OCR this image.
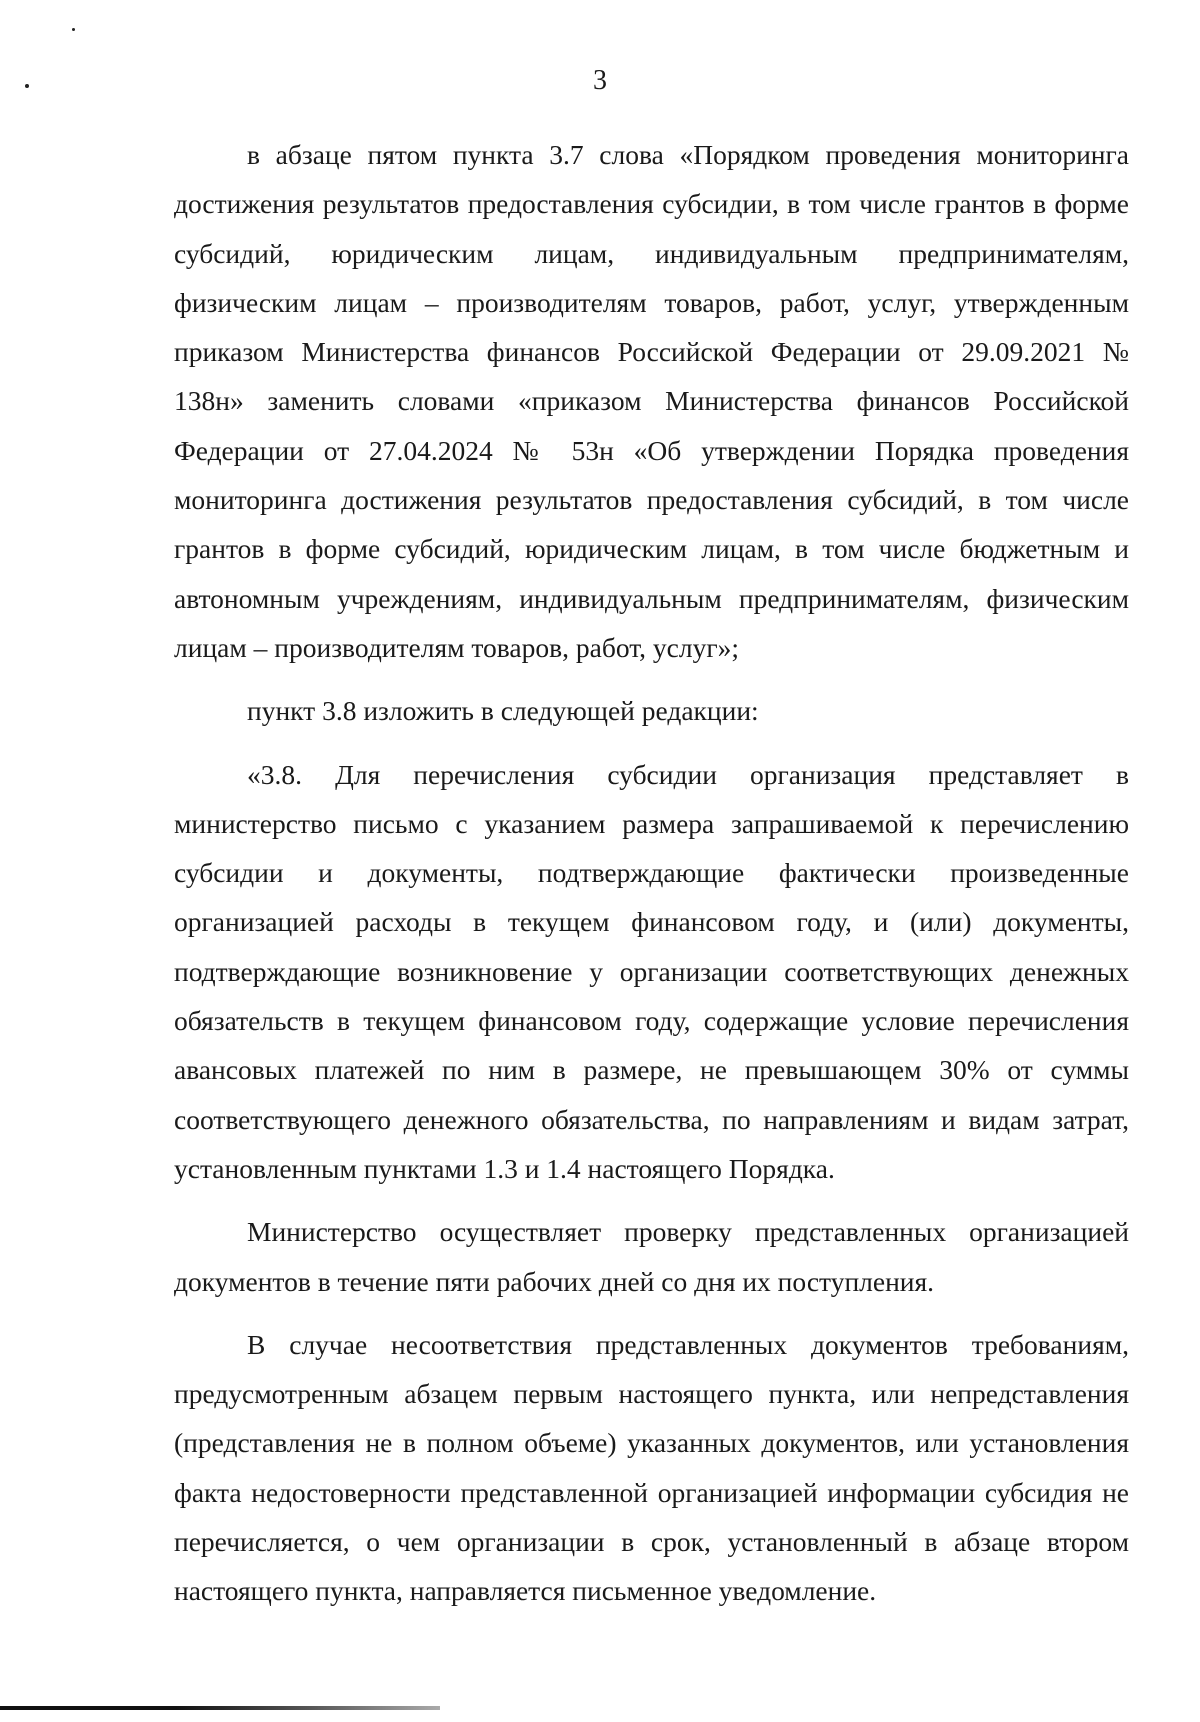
3

в абзаце пятом пункта 3.7 слова «Порядком проведения мониторинга достижения результатов предоставления субсидии, в том числе грантов в форме субсидий, юридическим лицам, индивидуальным предпринимателям, физическим лицам – производителям товаров, работ, услуг, утвержденным приказом Министерства финансов Российской Федерации от 29.09.2021 № 138н» заменить словами «приказом Министерства финансов Российской Федерации от 27.04.2024 № 53н «Об утверждении Порядка проведения мониторинга достижения результатов предоставления субсидий, в том числе грантов в форме субсидий, юридическим лицам, в том числе бюджетным и автономным учреждениям, индивидуальным предпринимателям, физическим лицам – производителям товаров, работ, услуг»;

пункт 3.8 изложить в следующей редакции:

«3.8. Для перечисления субсидии организация представляет в министерство письмо с указанием размера запрашиваемой к перечислению субсидии и документы, подтверждающие фактически произведенные организацией расходы в текущем финансовом году, и (или) документы, подтверждающие возникновение у организации соответствующих денежных обязательств в текущем финансовом году, содержащие условие перечисления авансовых платежей по ним в размере, не превышающем 30% от суммы соответствующего денежного обязательства, по направлениям и видам затрат, установленным пунктами 1.3 и 1.4 настоящего Порядка.

Министерство осуществляет проверку представленных организацией документов в течение пяти рабочих дней со дня их поступления.

В случае несоответствия представленных документов требованиям, предусмотренным абзацем первым настоящего пункта, или непредставления (представления не в полном объеме) указанных документов, или установления факта недостоверности представленной организацией информации субсидия не перечисляется, о чем организации в срок, установленный в абзаце втором настоящего пункта, направляется письменное уведомление.
